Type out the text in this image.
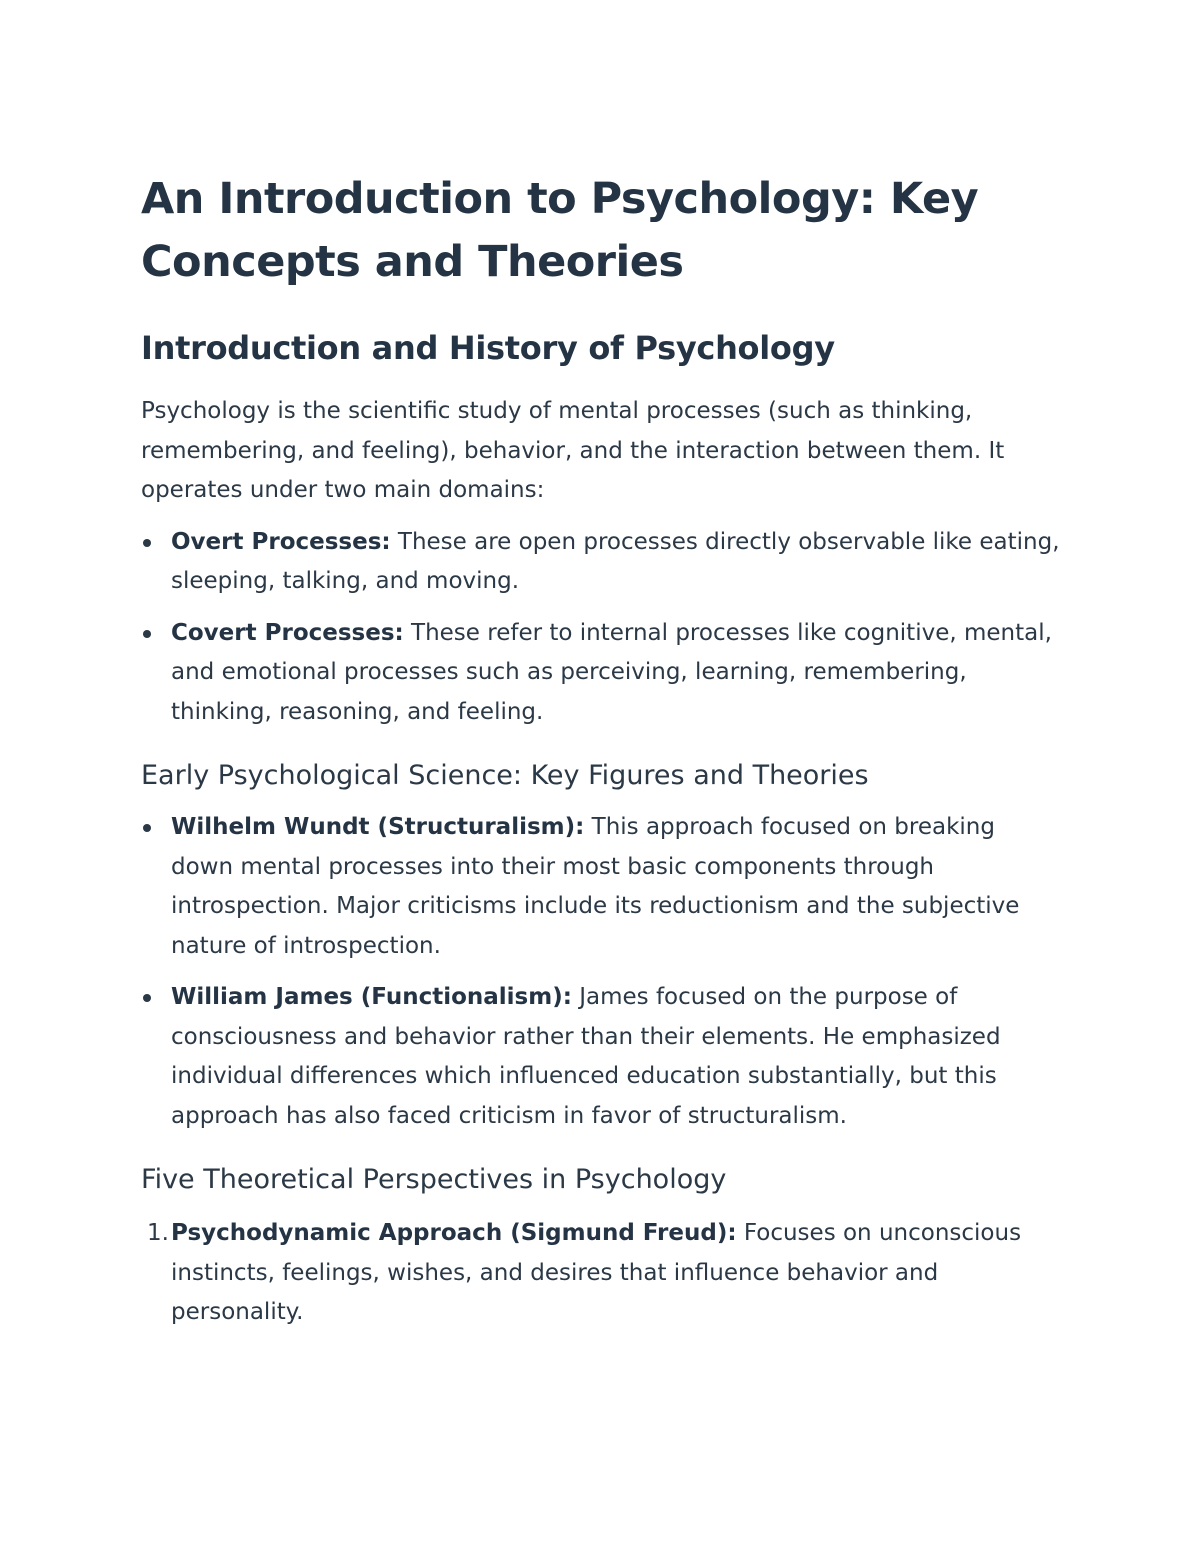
An Introduction to Psychology: Key Concepts and Theories
Introduction and History of Psychology

Psychology is the scientific study of mental processes (such as thinking, remembering, and feeling), behavior, and the interaction between them. It operates under two main domains:

Overt Processes: These are open processes directly observable like eating, sleeping, talking, and moving.
Covert Processes: These refer to internal processes like cognitive, mental, and emotional processes such as perceiving, learning, remembering, thinking, reasoning, and feeling.
Early Psychological Science: Key Figures and Theories
Wilhelm Wundt (Structuralism): This approach focused on breaking down mental processes into their most basic components through introspection. Major criticisms include its reductionism and the subjective nature of introspection.
William James (Functionalism): James focused on the purpose of consciousness and behavior rather than their elements. He emphasized individual differences which influenced education substantially, but this approach has also faced criticism in favor of structuralism.
Five Theoretical Perspectives in Psychology
1. Psychodynamic Approach (Sigmund Freud): Focuses on unconscious instincts, feelings, wishes, and desires that influence behavior and personality.
